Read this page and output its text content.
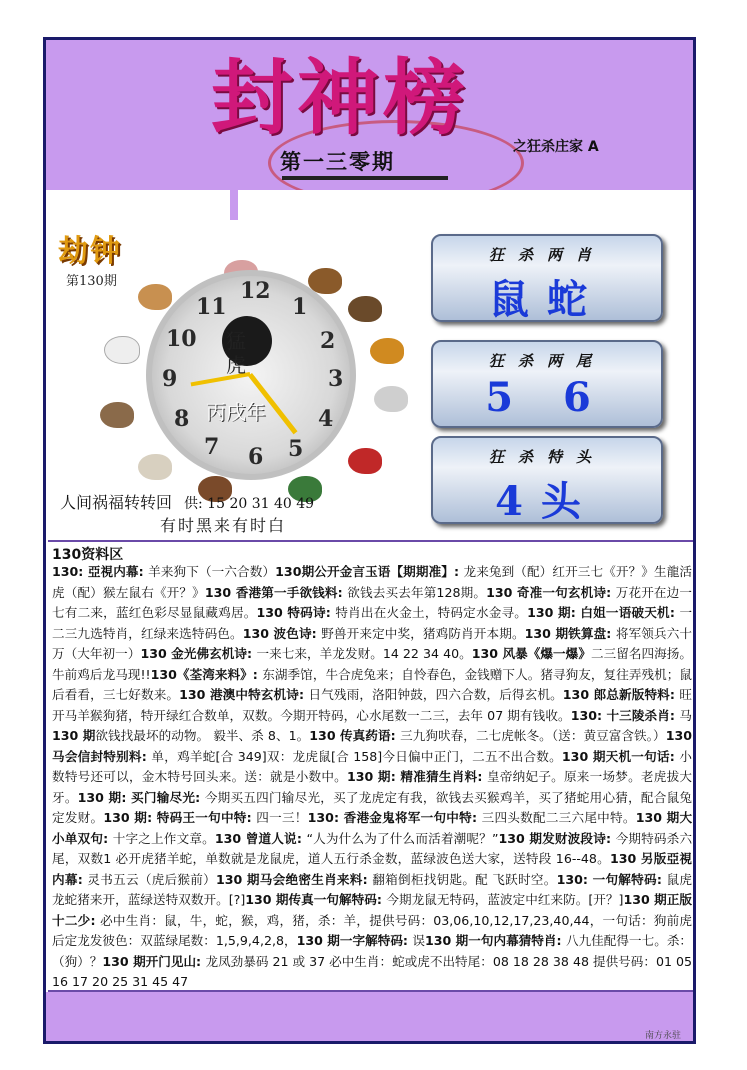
封神榜
第一三零期
之狂杀庄家 A
劫钟
第130期	12
1
2
3
4
5
6
7
8
9
10
11
猛
虎
丙戌年
人间祸福转转回 供: 15 20 31 40 49
有时黑来有时白
狂杀两肖
鼠蛇
狂杀两尾
5 6
狂杀特头
4头
130资料区
130: 亞視内幕: 羊来狗下（一六合数）130期公开金言玉语【期期准】: 龙来兔到（配）红开三七《开？》生龍活虎（配）猴左鼠右《开？》130 香港第一手欲钱料: 欲钱去买去年第128期。130 奇准一句玄机诗: 万花开在边一七有二来，蓝红色彩尽显鼠藏鸡居。130 特码诗: 特肖出在火金土，特码定水金寻。130 期: 白姐一语破天机: 一二三九选特肖，红绿来选特码色。130 波色诗: 野兽开来定中奖，猪鸡防肖开本期。130 期铁算盘: 将军领兵六十万（大年初一）130 金光佛玄机诗: 一来七来，羊龙发财。14 22 34 40。130 风暴《爆一爆》二三留名四海扬。牛前鸡后龙马现!!130《荃湾来料》: 东湖季馆，牛合虎兔来；自怜春色，金钱赠下人。猪寻狗友，复往弄残机；鼠后看看，三七好数来。130 港澳中特玄机诗: 日气残雨，洛阳钟鼓，四六合数，后得玄机。130 郎总新版特料: 旺开马羊猴狗猪，特开绿红合数单，双数。今期开特码，心水尾数一二三，去年 07 期有钱收。130: 十三陵杀肖: 马130 期欲钱找最坏的动物。 毅半、杀 8、1。130 传真药语: 三九狗吠春，二七虎帐冬。（送：黄豆富含铁。）130 马会信封特别料: 单，鸡羊蛇[合 349]双：龙虎鼠[合 158]今日偏中正门，二五不出合数。130 期天机一句话: 小数特号还可以，金木特号回头来。送：就是小数中。130 期: 精准猜生肖料: 皇帝纳妃子。原来一场梦。老虎拔大牙。130 期: 买门输尽光: 今期买五四门输尽光，买了龙虎定有我，欲钱去买猴鸡羊，买了猪蛇用心猜，配合鼠兔定发财。130 期: 特码王一句中特: 四一三！130: 香港金鬼将军一句中特: 三四头数配二三六尾中特。130 期大小单双句: 十字之上作文章。130 曾道人说: “人为什么为了什么而活着潮呢？”130 期发财波段诗: 今期特码杀六尾，双数1 必开虎猪羊蛇，单数就是龙鼠虎，道人五行杀金数，蓝绿波色送大家，送特段 16--48。130 另版亞視内幕: 灵书五云（虎后猴前）130 期马会绝密生肖来料: 翻箱倒柜找钥匙。配 飞跃时空。130: 一句解特码: 鼠虎龙蛇猪来开，蓝绿送特双数开。[?]130 期传真一句解特码: 今期龙鼠无特码，蓝波定中红来防。[开？]130 期正版十二少: 必中生肖：鼠，牛，蛇，猴，鸡，猪，杀：羊，提供号码：03,06,10,12,17,23,40,44，一句话：狗前虎后定龙发彼色：双蓝绿尾数：1,5,9,4,2,8，130 期一字解特码: 误130 期一句内幕猜特肖: 八九佳配得一七。杀：（狗）？130 期开门见山: 龙凤劲暴码 21 或 37 必中生肖：蛇或虎不出特尾：08 18 28 38 48 提供号码：01 05 16 17 20 25 31 45 47
南方永驻
